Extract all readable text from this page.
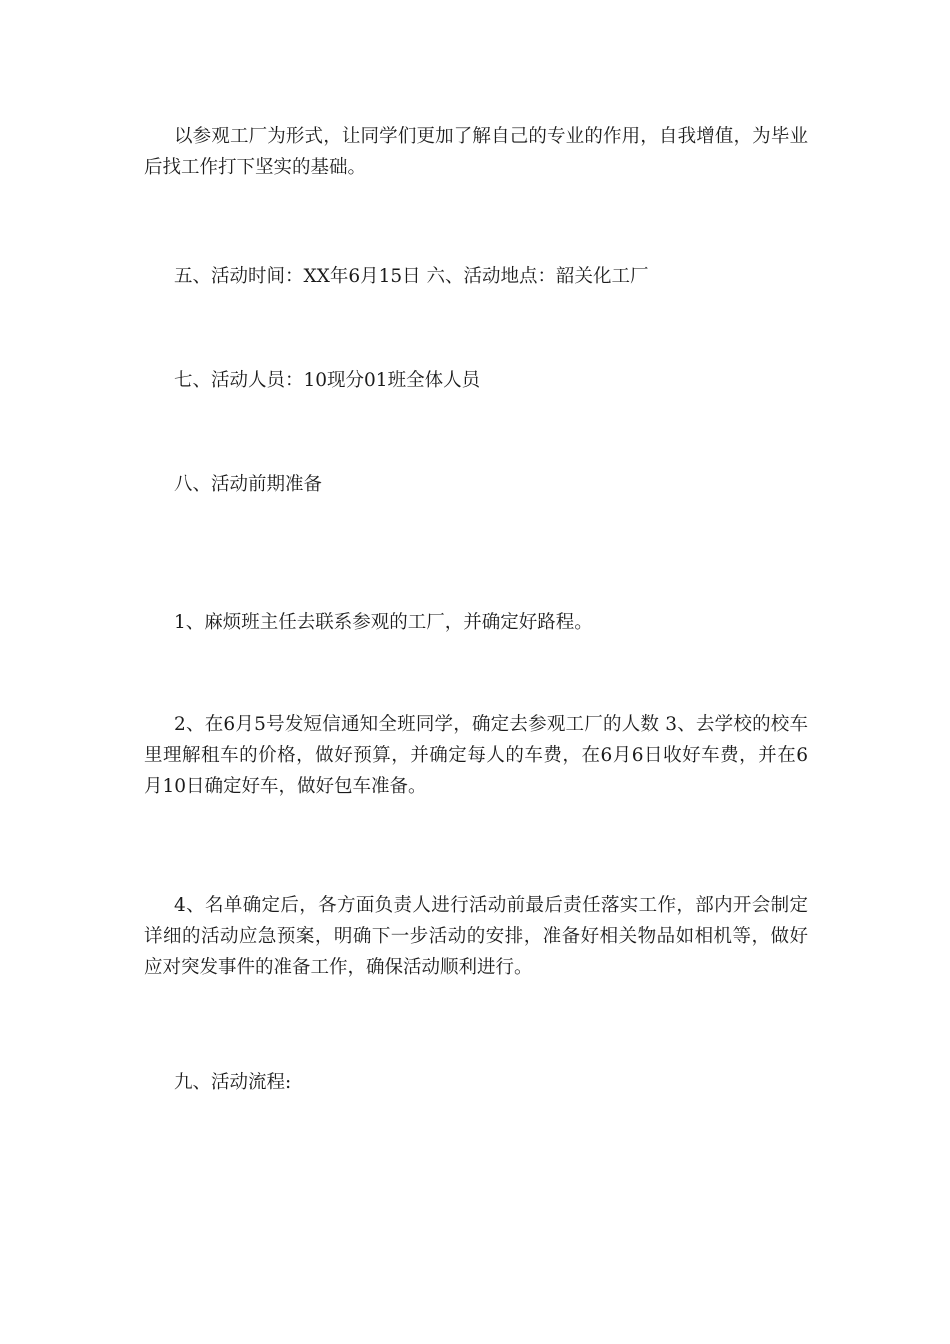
以参观工厂为形式，让同学们更加了解自己的专业的作用，自我增值，为毕业后找工作打下坚实的基础。

五、活动时间：XX年6月15日 六、活动地点：韶关化工厂

七、活动人员：10现分01班全体人员

八、活动前期准备

1、麻烦班主任去联系参观的工厂，并确定好路程。

2、在6月5号发短信通知全班同学，确定去参观工厂的人数 3、去学校的校车里理解租车的价格，做好预算，并确定每人的车费，在6月6日收好车费，并在6月10日确定好车，做好包车准备。

4、名单确定后，各方面负责人进行活动前最后责任落实工作，部内开会制定详细的活动应急预案，明确下一步活动的安排，准备好相关物品如相机等，做好应对突发事件的准备工作，确保活动顺利进行。

九、活动流程:
